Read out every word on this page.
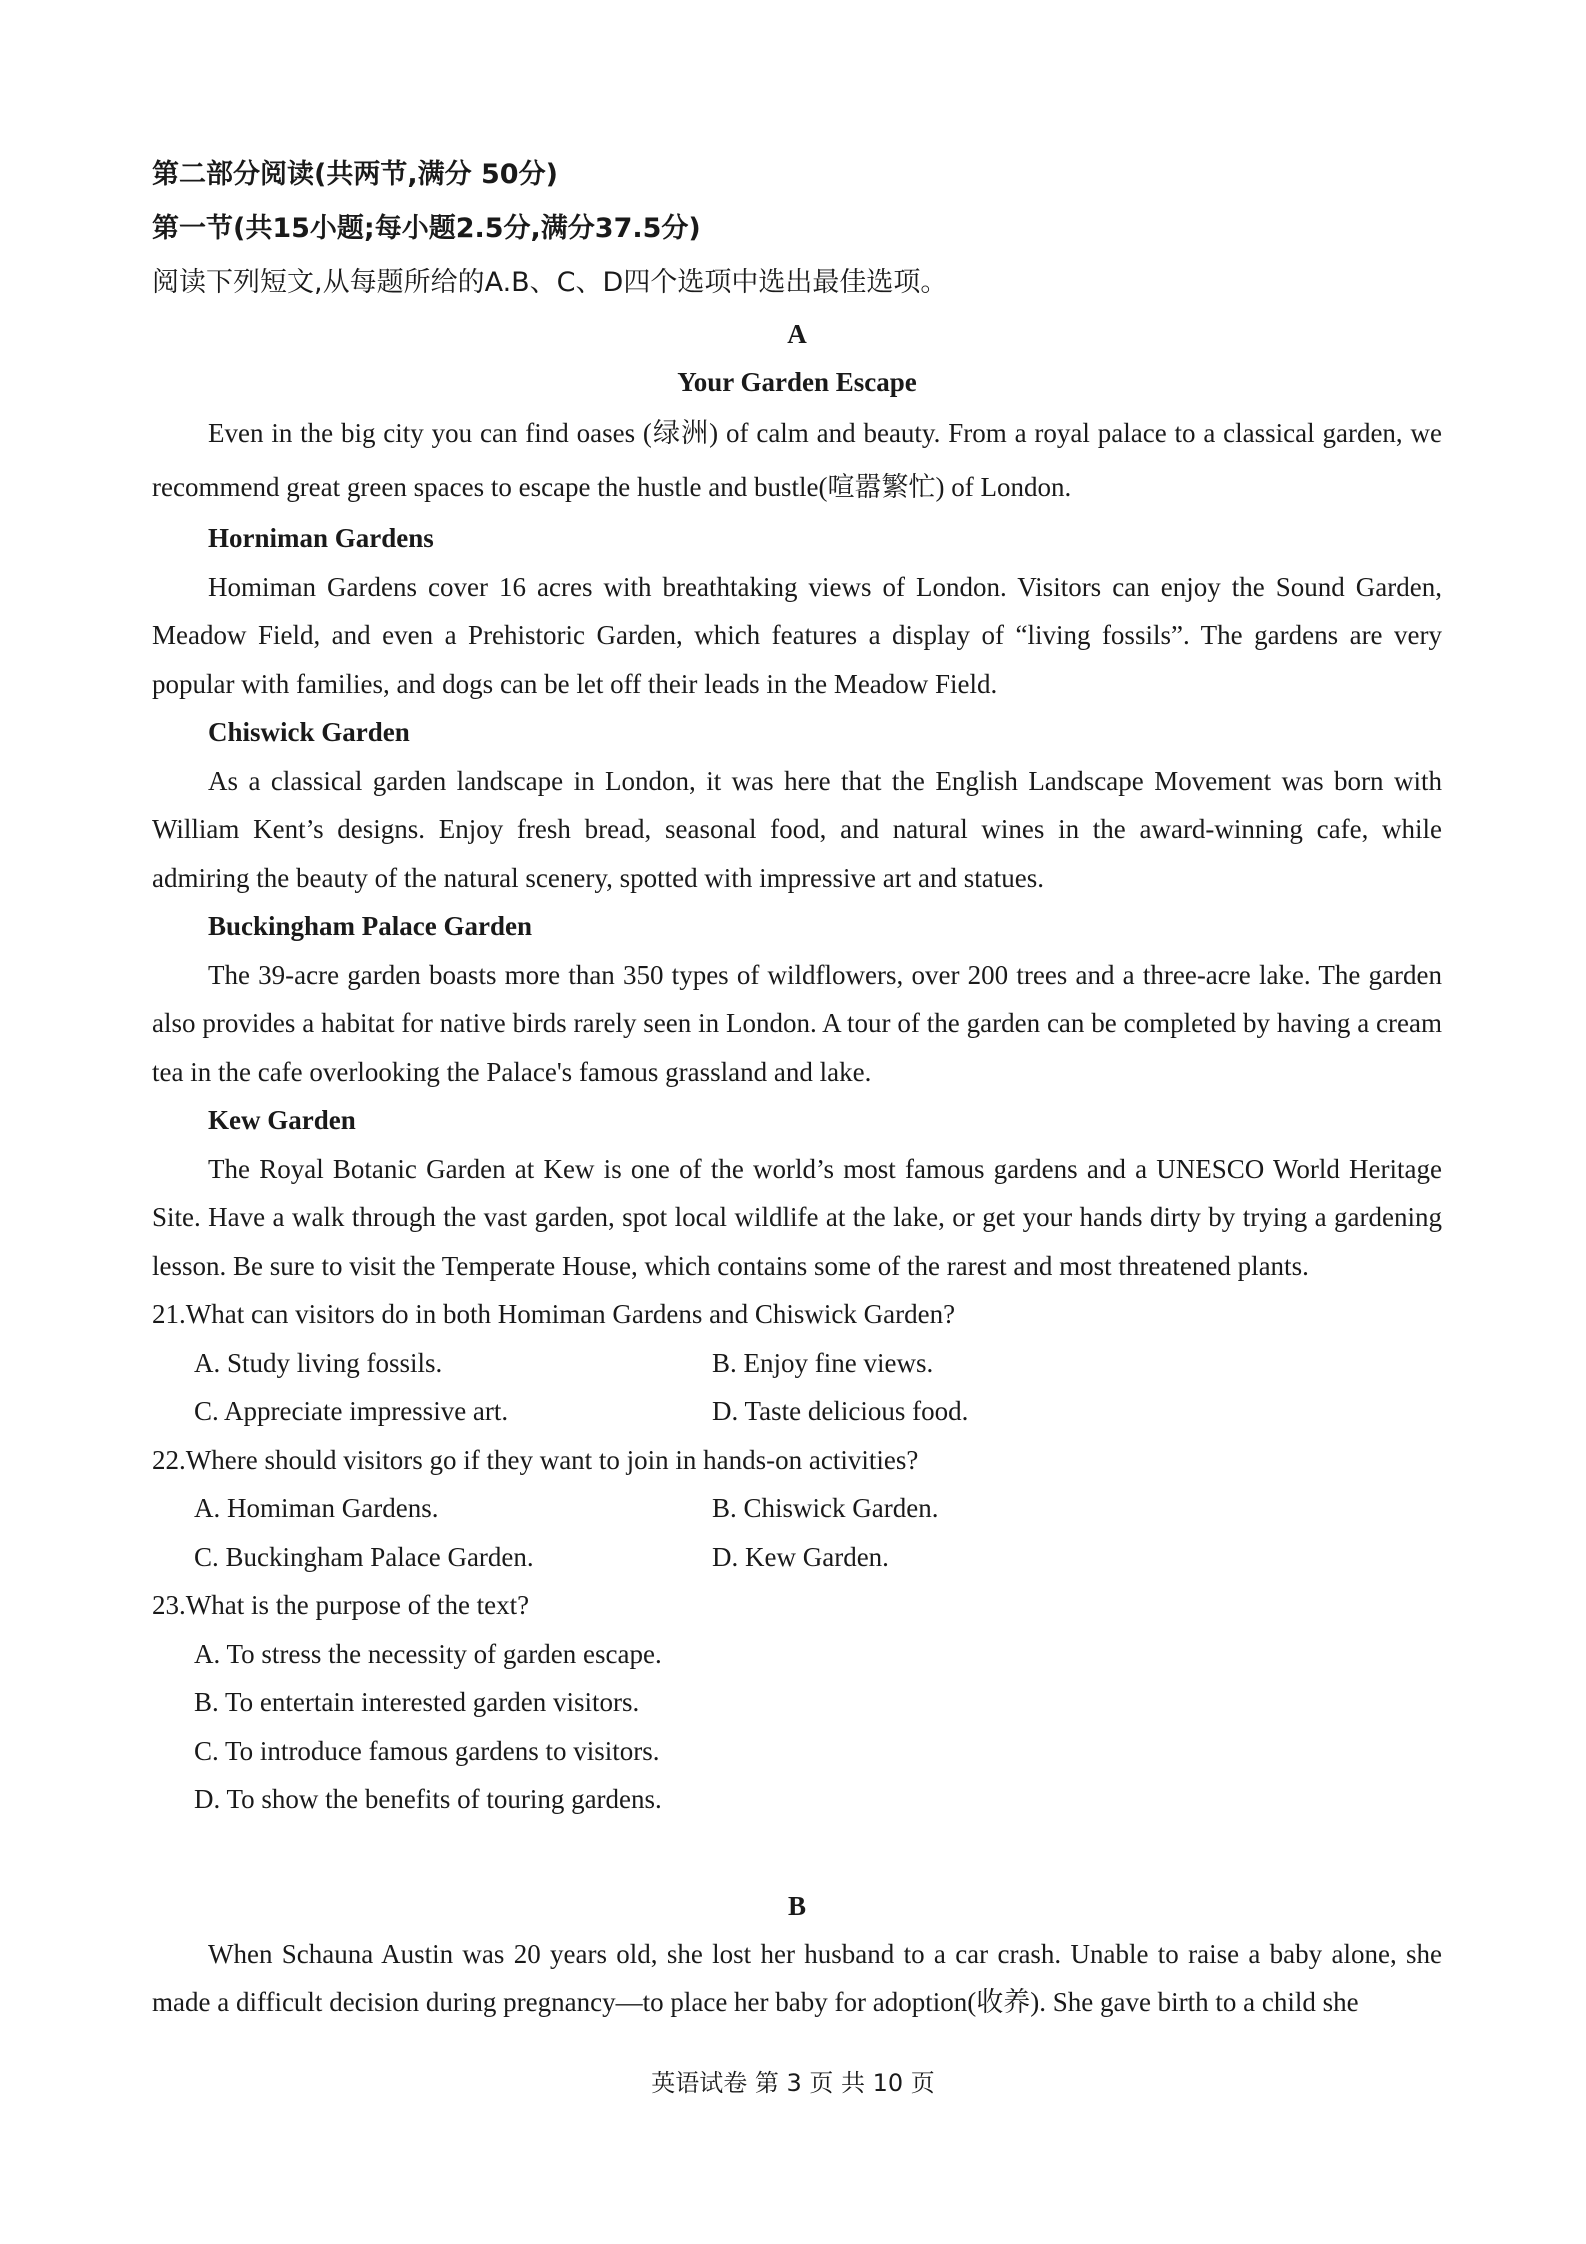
第二部分阅读(共两节,满分 50分)
第一节(共15小题;每小题2.5分,满分37.5分)
阅读下列短文,从每题所给的A.B、C、D四个选项中选出最佳选项。
A
Your Garden Escape

Even in the big city you can find oases (绿洲) of calm and beauty. From a royal palace to a classical garden, we recommend great green spaces to escape the hustle and bustle(喧嚣繁忙) of London.

Horniman Gardens

Homiman Gardens cover 16 acres with breathtaking views of London. Visitors can enjoy the Sound Garden, Meadow Field, and even a Prehistoric Garden, which features a display of “living fossils”. The gardens are very popular with families, and dogs can be let off their leads in the Meadow Field.

Chiswick Garden

As a classical garden landscape in London, it was here that the English Landscape Movement was born with William Kent’s designs. Enjoy fresh bread, seasonal food, and natural wines in the award-winning cafe, while admiring the beauty of the natural scenery, spotted with impressive art and statues.

Buckingham Palace Garden

The 39-acre garden boasts more than 350 types of wildflowers, over 200 trees and a three-acre lake. The garden also provides a habitat for native birds rarely seen in London. A tour of the garden can be completed by having a cream tea in the cafe overlooking the Palace's famous grassland and lake.

Kew Garden

The Royal Botanic Garden at Kew is one of the world’s most famous gardens and a UNESCO World Heritage Site. Have a walk through the vast garden, spot local wildlife at the lake, or get your hands dirty by trying a gardening lesson. Be sure to visit the Temperate House, which contains some of the rarest and most threatened plants.

21.What can visitors do in both Homiman Gardens and Chiswick Garden?
A. Study living fossils.	B. Enjoy fine views.
C. Appreciate impressive art.	D. Taste delicious food.
22.Where should visitors go if they want to join in hands-on activities?
A. Homiman Gardens.	B. Chiswick Garden.
C. Buckingham Palace Garden.	D. Kew Garden.
23.What is the purpose of the text?
A. To stress the necessity of garden escape.
B. To entertain interested garden visitors.
C. To introduce famous gardens to visitors.
D. To show the benefits of touring gardens.
B

When Schauna Austin was 20 years old, she lost her husband to a car crash. Unable to raise a baby alone, she made a difficult decision during pregnancy—to place her baby for adoption(收养). She gave birth to a child she

英语试卷 第 3 页 共 10 页
